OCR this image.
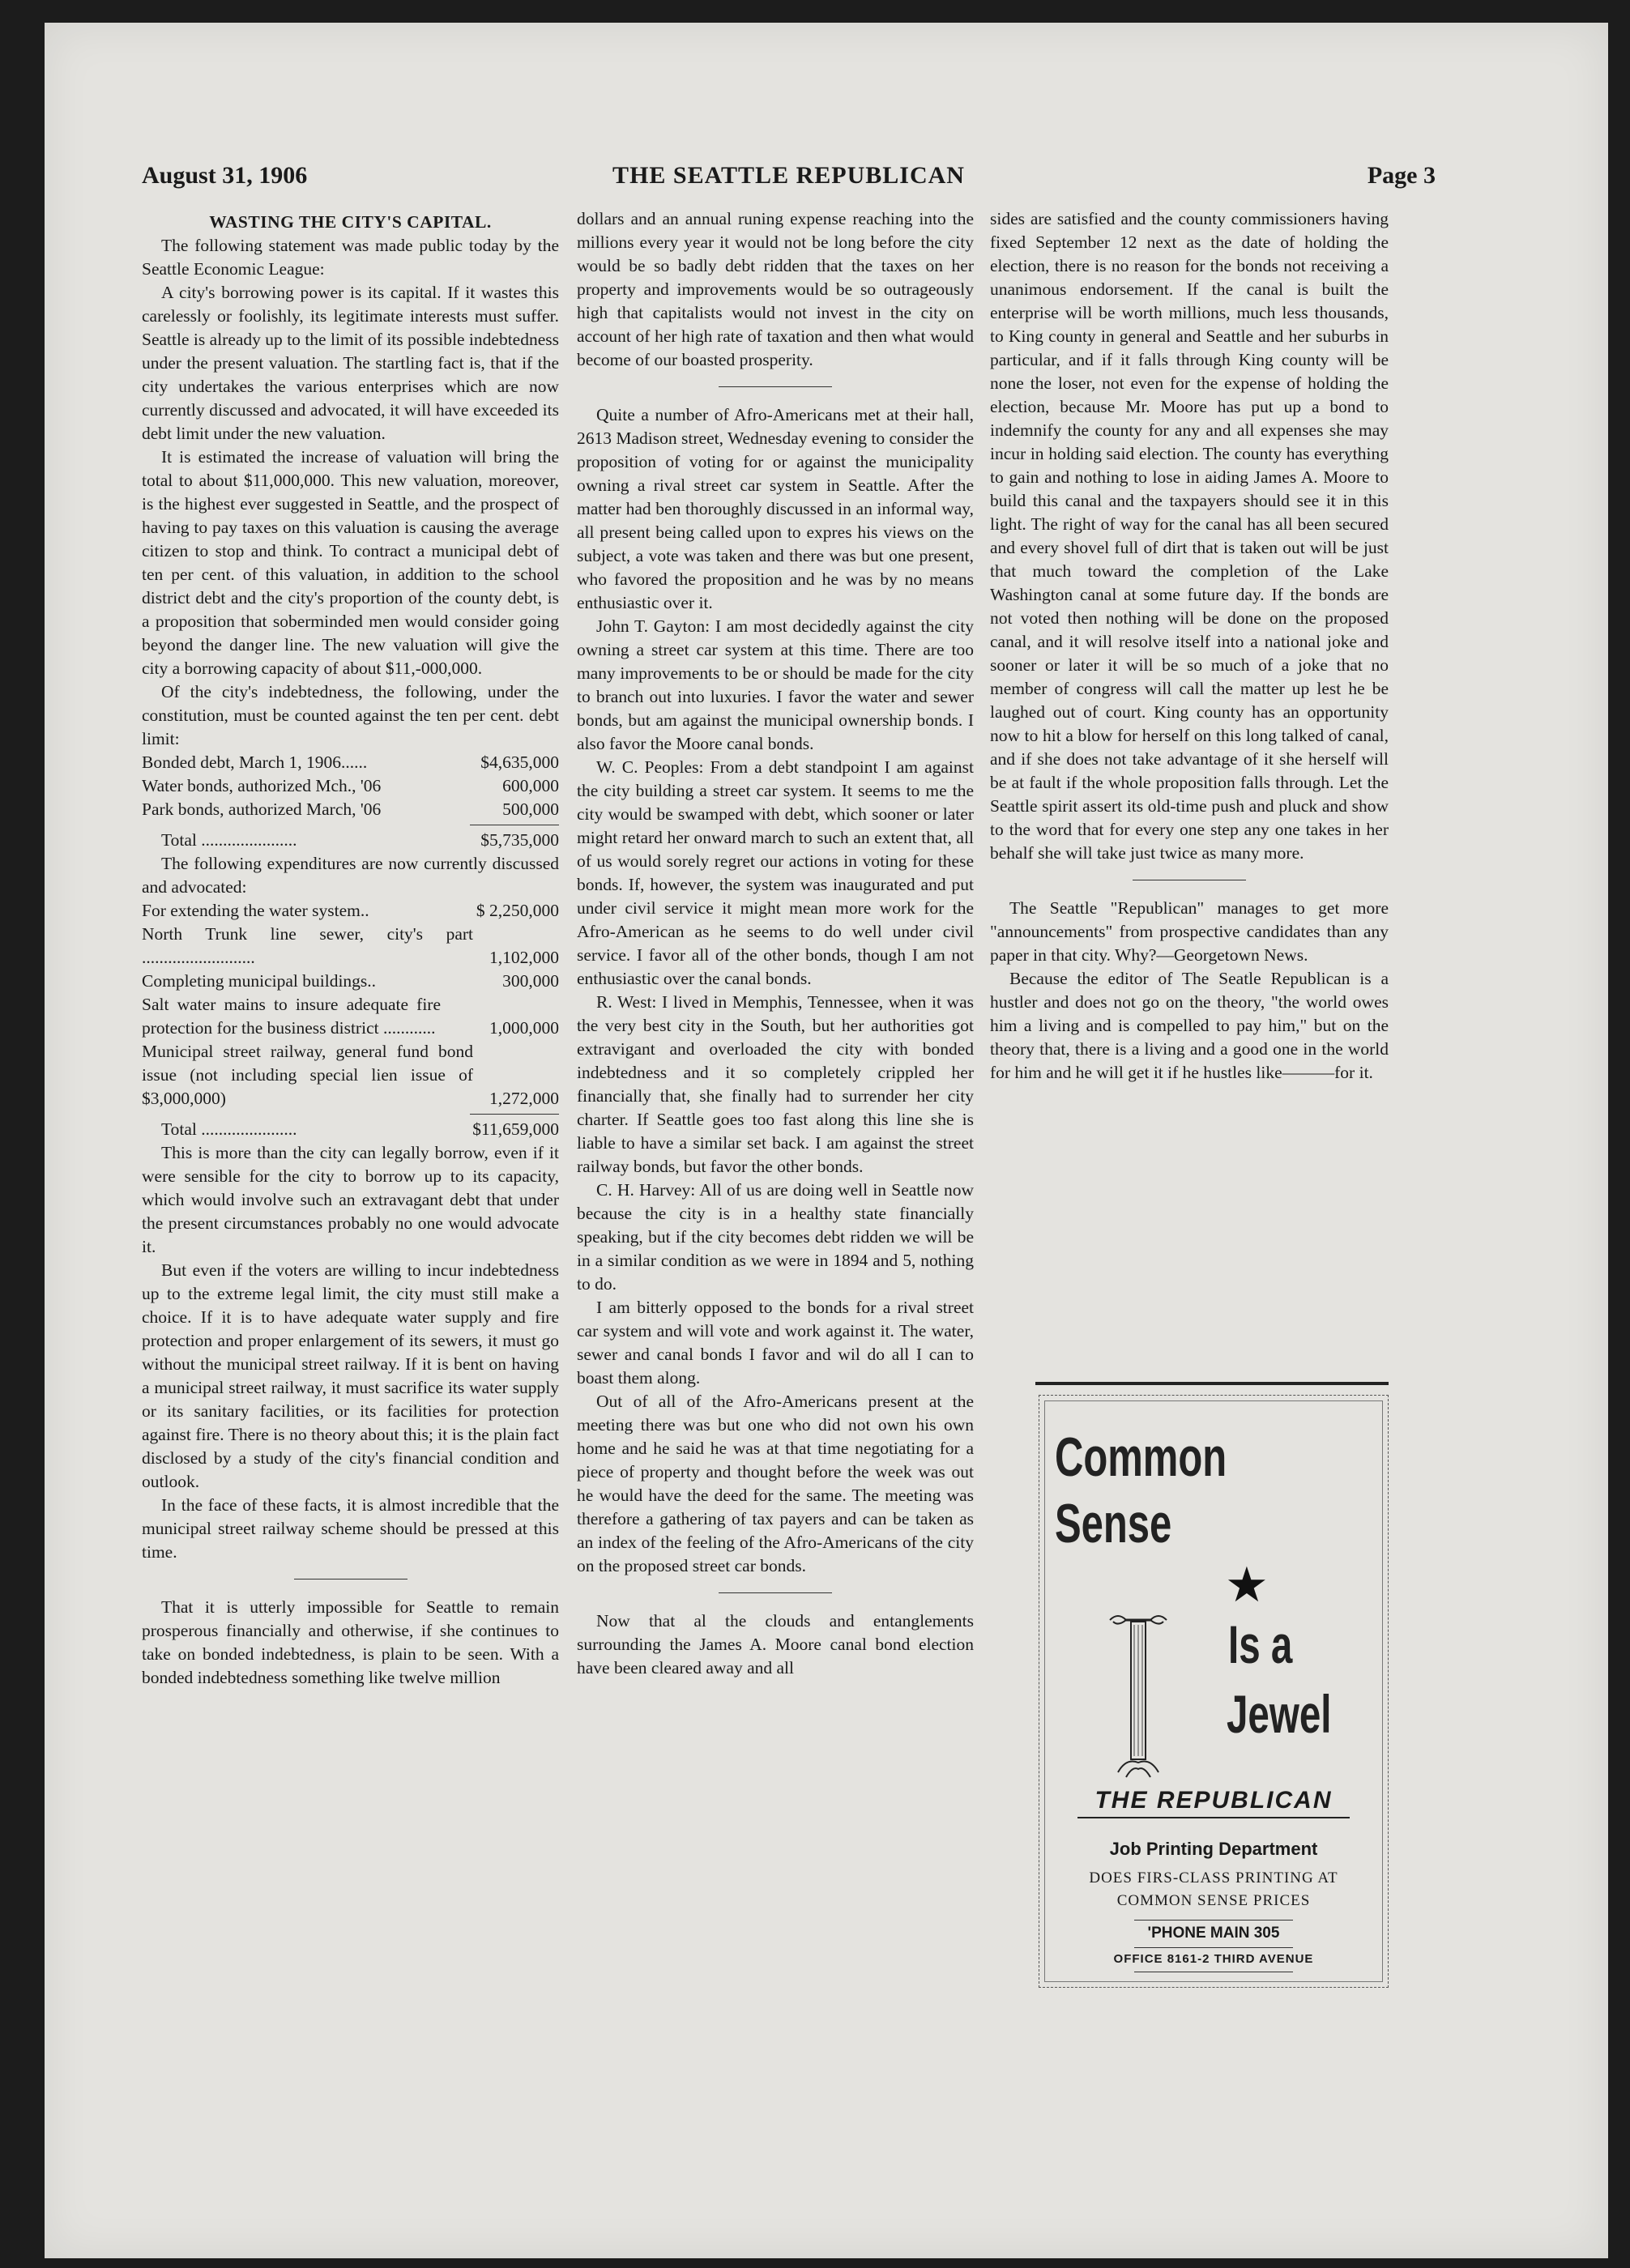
August 31, 1906	THE SEATTLE REPUBLICAN	Page 3
WASTING THE CITY'S CAPITAL.

The following statement was made public today by the Seattle Economic League:

A city's borrowing power is its capital. If it wastes this carelessly or foolishly, its legitimate interests must suffer. Seattle is already up to the limit of its possible indebtedness under the present valuation. The startling fact is, that if the city undertakes the various enterprises which are now currently discussed and advocated, it will have exceeded its debt limit under the new valuation.

It is estimated the increase of valuation will bring the total to about $11,000,000. This new valuation, moreover, is the highest ever suggested in Seattle, and the prospect of having to pay taxes on this valuation is causing the average citizen to stop and think. To contract a municipal debt of ten per cent. of this valuation, in addition to the school district debt and the city's proportion of the county debt, is a proposition that soberminded men would consider going beyond the danger line. The new valuation will give the city a borrowing capacity of about $11,-000,000.

Of the city's indebtedness, the following, under the constitution, must be counted against the ten per cent. debt limit:

Bonded debt, March 1, 1906......	$4,635,000
Water bonds, authorized Mch., '06	600,000
Park bonds, authorized March, '06	500,000
Total ......................	$5,735,000

The following expenditures are now currently discussed and advocated:

For extending the water system..	$ 2,250,000
North Trunk line sewer, city's part ..........................	1,102,000
Completing municipal buildings..	300,000
Salt water mains to insure adequate fire protection for the business district ............	1,000,000
Municipal street railway, general fund bond issue (not including special lien issue of $3,000,000)	1,272,000
Total ......................	$11,659,000

This is more than the city can legally borrow, even if it were sensible for the city to borrow up to its capacity, which would involve such an extravagant debt that under the present circumstances probably no one would advocate it.

But even if the voters are willing to incur indebtedness up to the extreme legal limit, the city must still make a choice. If it is to have adequate water supply and fire protection and proper enlargement of its sewers, it must go without the municipal street railway. If it is bent on having a municipal street railway, it must sacrifice its water supply or its sanitary facilities, or its facilities for protection against fire. There is no theory about this; it is the plain fact disclosed by a study of the city's financial condition and outlook.

In the face of these facts, it is almost incredible that the municipal street railway scheme should be pressed at this time.

That it is utterly impossible for Seattle to remain prosperous financially and otherwise, if she continues to take on bonded indebtedness, is plain to be seen. With a bonded indebtedness something like twelve million

dollars and an annual runing expense reaching into the millions every year it would not be long before the city would be so badly debt ridden that the taxes on her property and improvements would be so outrageously high that capitalists would not invest in the city on account of her high rate of taxation and then what would become of our boasted prosperity.

Quite a number of Afro-Americans met at their hall, 2613 Madison street, Wednesday evening to consider the proposition of voting for or against the municipality owning a rival street car system in Seattle. After the matter had ben thoroughly discussed in an informal way, all present being called upon to expres his views on the subject, a vote was taken and there was but one present, who favored the proposition and he was by no means enthusiastic over it.

John T. Gayton: I am most decidedly against the city owning a street car system at this time. There are too many improvements to be or should be made for the city to branch out into luxuries. I favor the water and sewer bonds, but am against the municipal ownership bonds. I also favor the Moore canal bonds.

W. C. Peoples: From a debt standpoint I am against the city building a street car system. It seems to me the city would be swamped with debt, which sooner or later might retard her onward march to such an extent that, all of us would sorely regret our actions in voting for these bonds. If, however, the system was inaugurated and put under civil service it might mean more work for the Afro-American as he seems to do well under civil service. I favor all of the other bonds, though I am not enthusiastic over the canal bonds.

R. West: I lived in Memphis, Tennessee, when it was the very best city in the South, but her authorities got extravigant and overloaded the city with bonded indebtedness and it so completely crippled her financially that, she finally had to surrender her city charter. If Seattle goes too fast along this line she is liable to have a similar set back. I am against the street railway bonds, but favor the other bonds.

C. H. Harvey: All of us are doing well in Seattle now because the city is in a healthy state financially speaking, but if the city becomes debt ridden we will be in a similar condition as we were in 1894 and 5, nothing to do.

I am bitterly opposed to the bonds for a rival street car system and will vote and work against it. The water, sewer and canal bonds I favor and wil do all I can to boast them along.

Out of all of the Afro-Americans present at the meeting there was but one who did not own his own home and he said he was at that time negotiating for a piece of property and thought before the week was out he would have the deed for the same. The meeting was therefore a gathering of tax payers and can be taken as an index of the feeling of the Afro-Americans of the city on the proposed street car bonds.

Now that al the clouds and entanglements surrounding the James A. Moore canal bond election have been cleared away and all

sides are satisfied and the county commissioners having fixed September 12 next as the date of holding the election, there is no reason for the bonds not receiving a unanimous endorsement. If the canal is built the enterprise will be worth millions, much less thousands, to King county in general and Seattle and her suburbs in particular, and if it falls through King county will be none the loser, not even for the expense of holding the election, because Mr. Moore has put up a bond to indemnify the county for any and all expenses she may incur in holding said election. The county has everything to gain and nothing to lose in aiding James A. Moore to build this canal and the taxpayers should see it in this light. The right of way for the canal has all been secured and every shovel full of dirt that is taken out will be just that much toward the completion of the Lake Washington canal at some future day. If the bonds are not voted then nothing will be done on the proposed canal, and it will resolve itself into a national joke and sooner or later it will be so much of a joke that no member of congress will call the matter up lest he be laughed out of court. King county has an opportunity now to hit a blow for herself on this long talked of canal, and if she does not take advantage of it she herself will be at fault if the whole proposition falls through. Let the Seattle spirit assert its old-time push and pluck and show to the word that for every one step any one takes in her behalf she will take just twice as many more.

The Seattle "Republican" manages to get more "announcements" from prospective candidates than any paper in that city. Why?—Georgetown News.

Because the editor of The Seatle Republican is a hustler and does not go on the theory, "the world owes him a living and is compelled to pay him," but on the theory that, there is a living and a good one in the world for him and he will get it if he hustles like———for it.

Common
Sense
★
Is a
Jewel
THE REPUBLICAN
Job Printing Department
DOES FIRS-CLASS PRINTING AT
COMMON SENSE PRICES
'PHONE MAIN 305
OFFICE 8161-2 THIRD AVENUE
